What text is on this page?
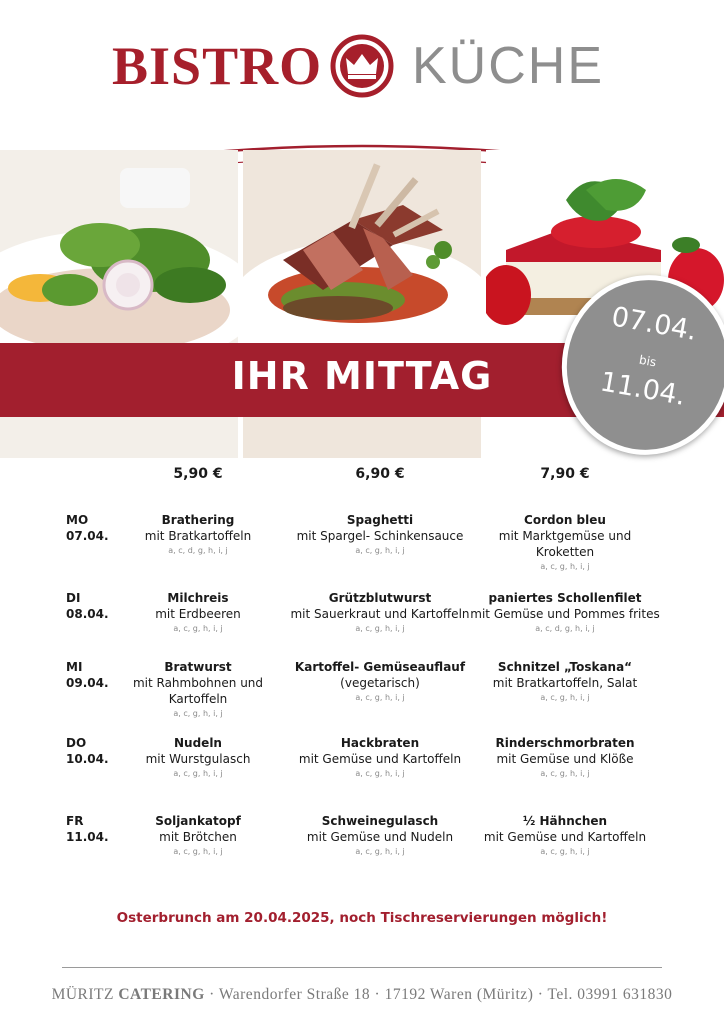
BISTRO KÜCHE
IHR MITTAG
07.04.
bis
11.04.
5,90 €	6,90 €	7,90 €
MO
07.04.
Brathering
mit Bratkartoffeln
a, c, d, g, h, i, j
Spaghetti
mit Spargel- Schinkensauce
a, c, g, h, i, j
Cordon bleu
mit Marktgemüse und Kroketten
a, c, g, h, i, j
DI
08.04.
Milchreis
mit Erdbeeren
a, c, g, h, i, j
Grützblutwurst
mit Sauerkraut und Kartoffeln
a, c, g, h, i, j
paniertes Schollenfilet
mit Gemüse und Pommes frites
a, c, d, g, h, i, j
MI
09.04.
Bratwurst
mit Rahmbohnen und Kartoffeln
a, c, g, h, i, j
Kartoffel- Gemüseauflauf
(vegetarisch)
a, c, g, h, i, j
Schnitzel „Toskana“
mit Bratkartoffeln, Salat
a, c, g, h, i, j
DO
10.04.
Nudeln
mit Wurstgulasch
a, c, g, h, i, j
Hackbraten
mit Gemüse und Kartoffeln
a, c, g, h, i, j
Rinderschmorbraten
mit Gemüse und Klöße
a, c, g, h, i, j
FR
11.04.
Soljankatopf
mit Brötchen
a, c, g, h, i, j
Schweinegulasch
mit Gemüse und Nudeln
a, c, g, h, i, j
½ Hähnchen
mit Gemüse und Kartoffeln
a, c, g, h, i, j
Osterbrunch am 20.04.2025, noch Tischreservierungen möglich!
MÜRITZ CATERING · Warendorfer Straße 18 · 17192 Waren (Müritz) · Tel. 03991 631830
